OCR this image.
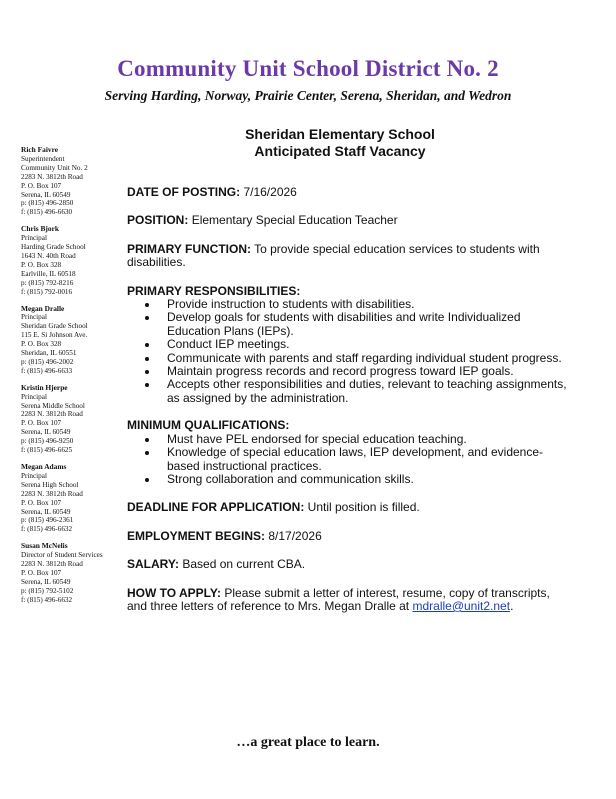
Community Unit School District No. 2
Serving Harding, Norway, Prairie Center, Serena, Sheridan, and Wedron
Sheridan Elementary School
Anticipated Staff Vacancy
Rich Faivre
Superintendent
Community Unit No. 2
2283 N. 3812th Road
P. O. Box 107
Serena, IL 60549
p: (815) 496-2850
f: (815) 496-6630
Chris Bjork
Principal
Harding Grade School
1643 N. 40th Road
P. O. Box 328
Earlville, IL 60518
p: (815) 792-8216
f: (815) 792-0016
Megan Dralle
Principal
Sheridan Grade School
115 E. Si Johnson Ave.
P. O. Box 328
Sheridan, IL 60551
p: (815) 496-2002
f: (815) 496-6633
Kristin Hjerpe
Principal
Serena Middle School
2283 N. 3812th Road
P. O. Box 107
Serena, IL 60549
p: (815) 496-9250
f: (815) 496-6625
Megan Adams
Principal
Serena High School
2283 N. 3812th Road
P. O. Box 107
Serena, IL 60549
p: (815) 496-2361
f: (815) 496-6632
Susan McNelis
Director of Student Services
2283 N. 3812th Road
P. O. Box 107
Serena, IL 60549
p: (815) 792-5102
f: (815) 496-6632
DATE OF POSTING: 7/16/2026
POSITION: Elementary Special Education Teacher
PRIMARY FUNCTION: To provide special education services to students with disabilities.
PRIMARY RESPONSIBILITIES:
• Provide instruction to students with disabilities.
• Develop goals for students with disabilities and write Individualized Education Plans (IEPs).
• Conduct IEP meetings.
• Communicate with parents and staff regarding individual student progress.
• Maintain progress records and record progress toward IEP goals.
• Accepts other responsibilities and duties, relevant to teaching assignments, as assigned by the administration.
MINIMUM QUALIFICATIONS:
• Must have PEL endorsed for special education teaching.
• Knowledge of special education laws, IEP development, and evidence-based instructional practices.
• Strong collaboration and communication skills.
DEADLINE FOR APPLICATION: Until position is filled.
EMPLOYMENT BEGINS: 8/17/2026
SALARY: Based on current CBA.
HOW TO APPLY: Please submit a letter of interest, resume, copy of transcripts, and three letters of reference to Mrs. Megan Dralle at mdralle@unit2.net.
…a great place to learn.
